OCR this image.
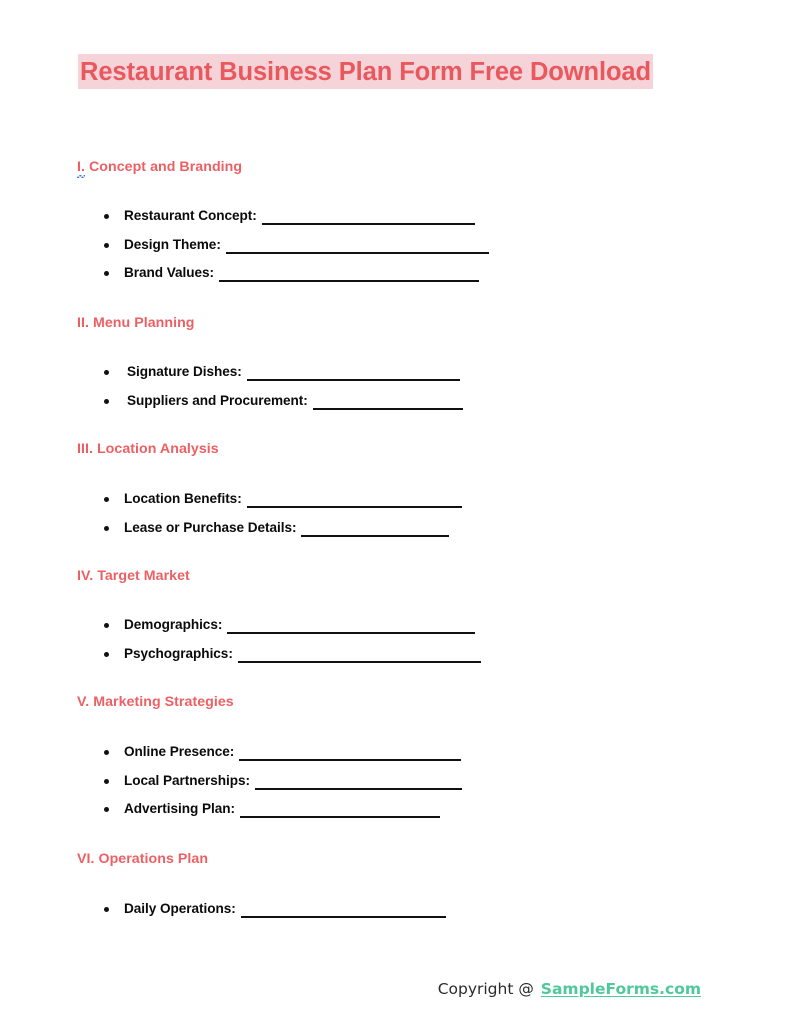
Restaurant Business Plan Form Free Download
I. Concept and Branding
Restaurant Concept:
Design Theme:
Brand Values:
II. Menu Planning
Signature Dishes:
Suppliers and Procurement:
III. Location Analysis
Location Benefits:
Lease or Purchase Details:
IV. Target Market
Demographics:
Psychographics:
V. Marketing Strategies
Online Presence:
Local Partnerships:
Advertising Plan:
VI. Operations Plan
Daily Operations:
Copyright @ SampleForms.com
